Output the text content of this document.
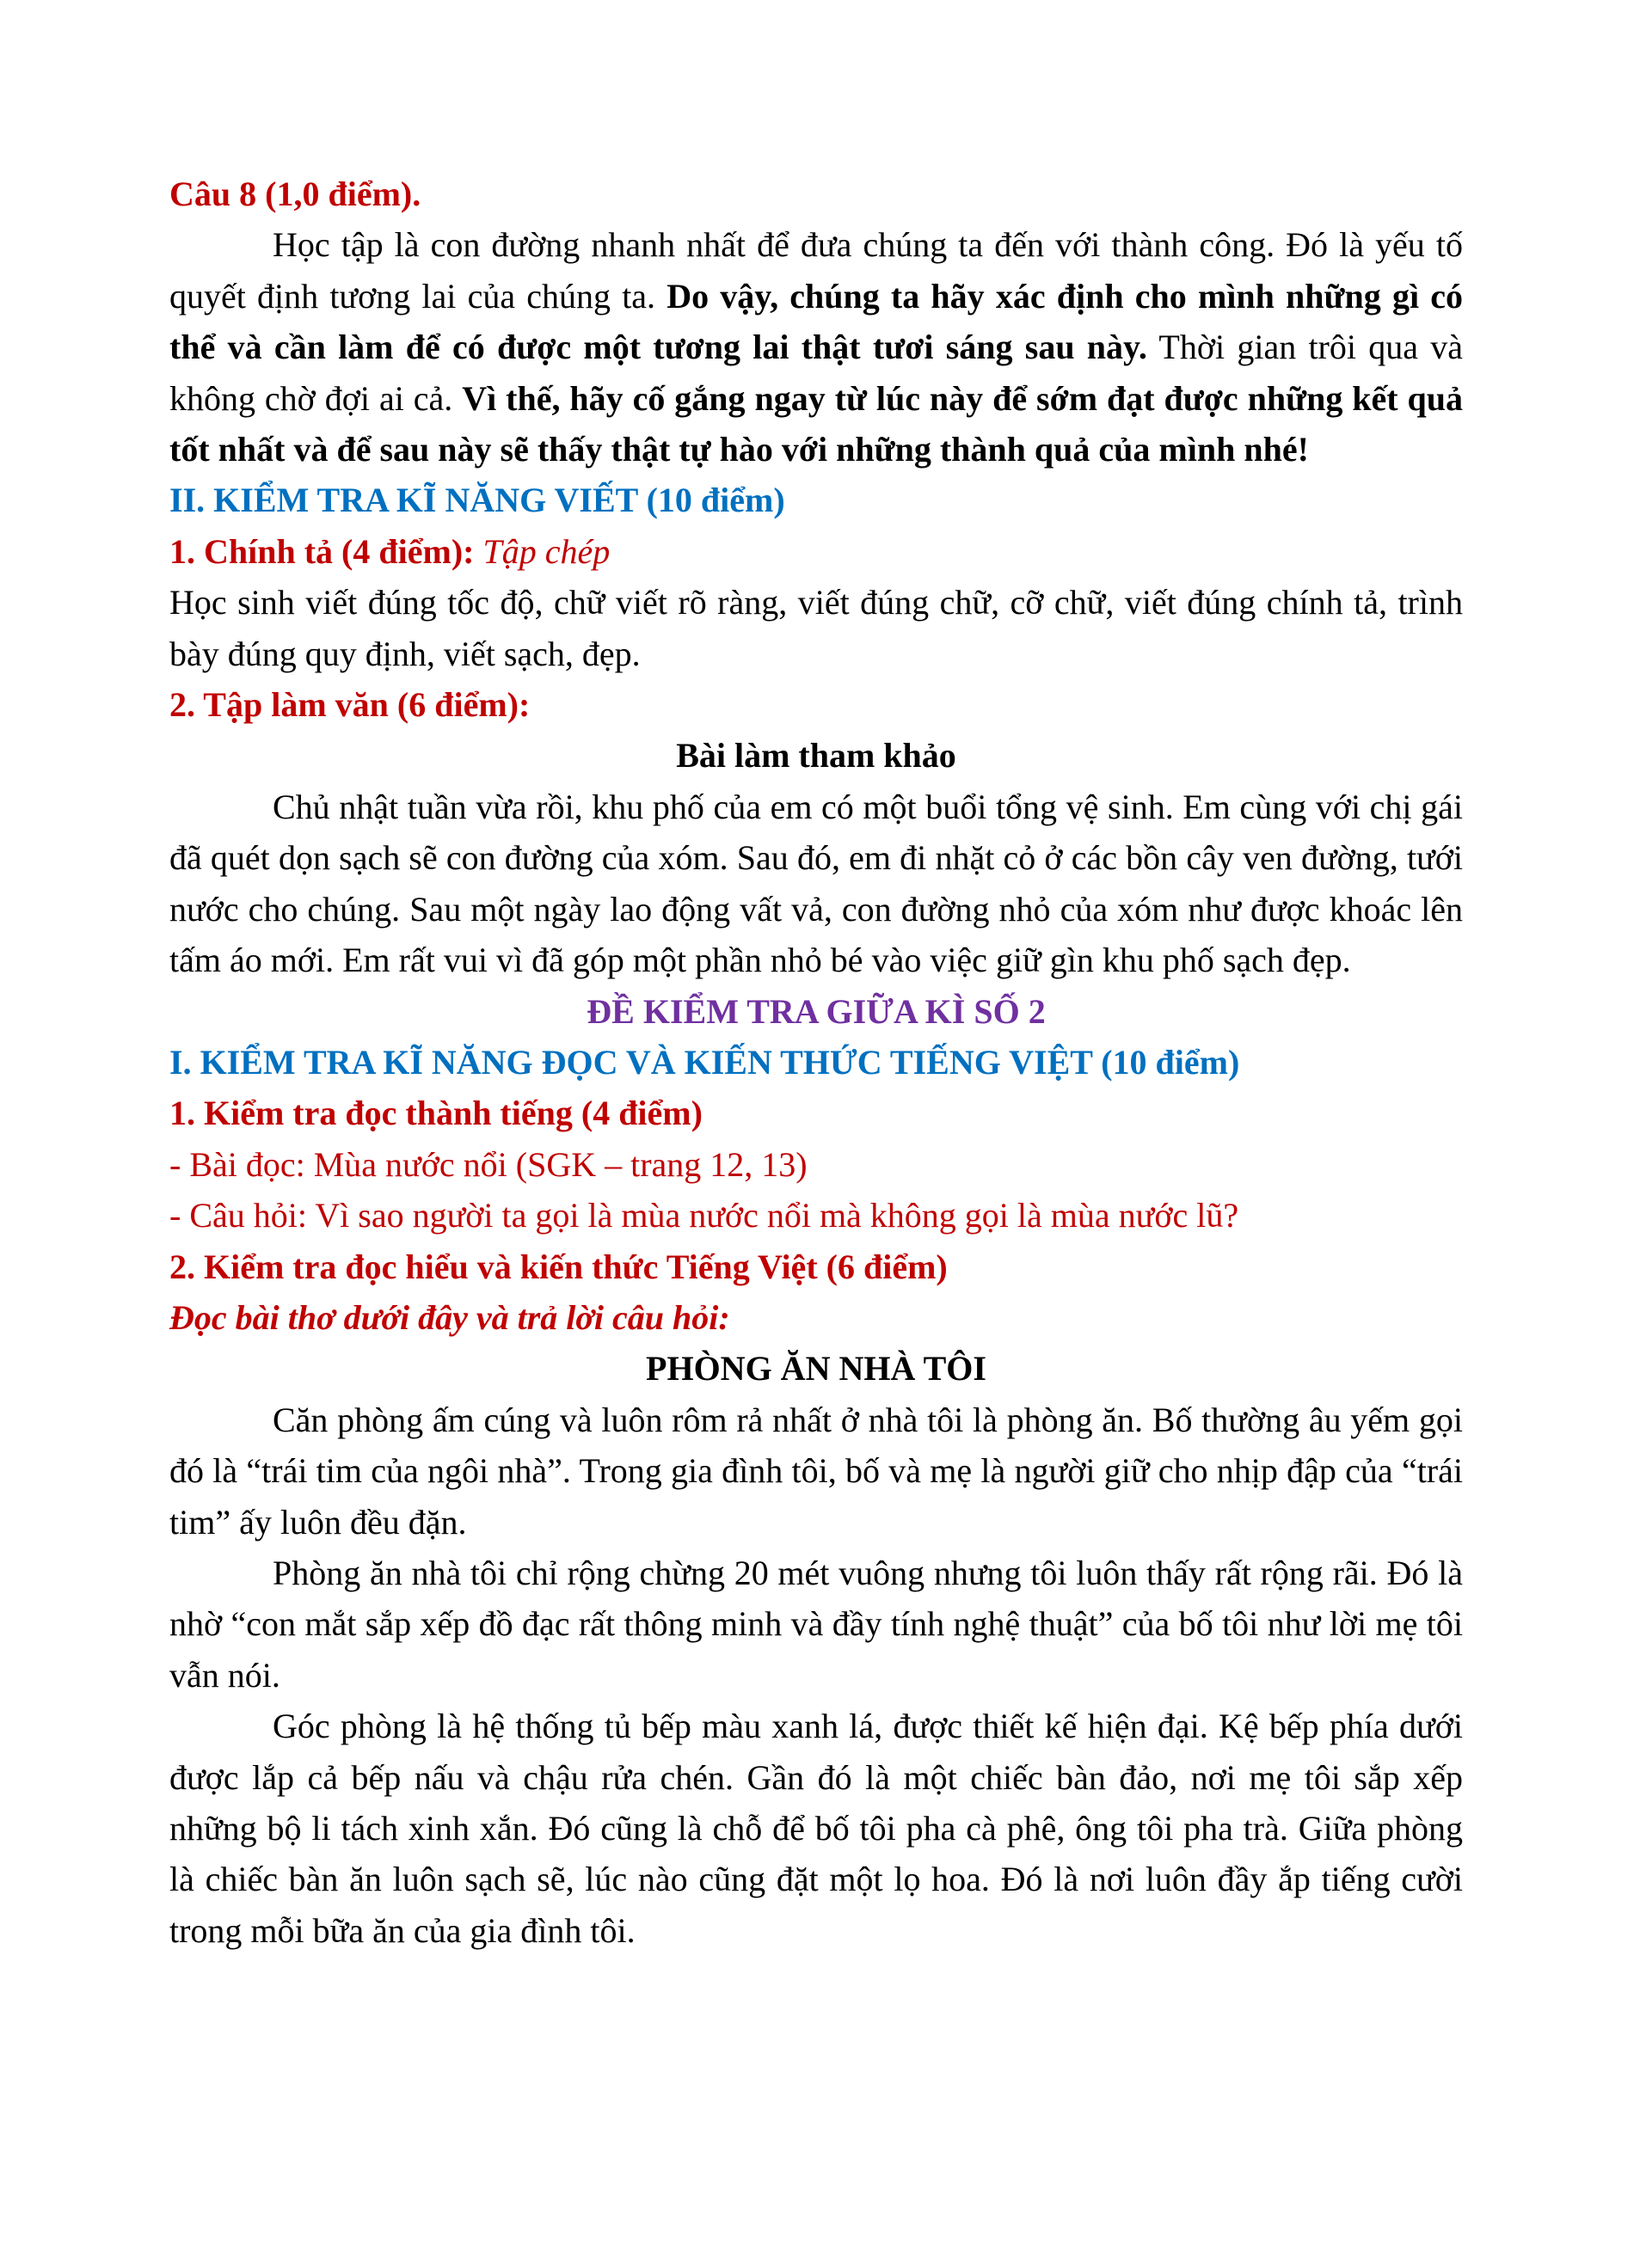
Câu 8 (1,0 điểm).

Học tập là con đường nhanh nhất để đưa chúng ta đến với thành công. Đó là yếu tố quyết định tương lai của chúng ta. Do vậy, chúng ta hãy xác định cho mình những gì có thể và cần làm để có được một tương lai thật tươi sáng sau này. Thời gian trôi qua và không chờ đợi ai cả. Vì thế, hãy cố gắng ngay từ lúc này để sớm đạt được những kết quả tốt nhất và để sau này sẽ thấy thật tự hào với những thành quả của mình nhé!

II. KIỂM TRA KĨ NĂNG VIẾT (10 điểm)

1. Chính tả (4 điểm): Tập chép

Học sinh viết đúng tốc độ, chữ viết rõ ràng, viết đúng chữ, cỡ chữ, viết đúng chính tả, trình bày đúng quy định, viết sạch, đẹp.

2. Tập làm văn (6 điểm):

Bài làm tham khảo

Chủ nhật tuần vừa rồi, khu phố của em có một buổi tổng vệ sinh. Em cùng với chị gái đã quét dọn sạch sẽ con đường của xóm. Sau đó, em đi nhặt cỏ ở các bồn cây ven đường, tưới nước cho chúng. Sau một ngày lao động vất vả, con đường nhỏ của xóm như được khoác lên tấm áo mới. Em rất vui vì đã góp một phần nhỏ bé vào việc giữ gìn khu phố sạch đẹp.

ĐỀ KIỂM TRA GIỮA KÌ SỐ 2

I. KIỂM TRA KĨ NĂNG ĐỌC VÀ KIẾN THỨC TIẾNG VIỆT (10 điểm)

1. Kiểm tra đọc thành tiếng (4 điểm)

- Bài đọc: Mùa nước nổi (SGK – trang 12, 13)

- Câu hỏi: Vì sao người ta gọi là mùa nước nổi mà không gọi là mùa nước lũ?

2. Kiểm tra đọc hiểu và kiến thức Tiếng Việt (6 điểm)

Đọc bài thơ dưới đây và trả lời câu hỏi:

PHÒNG ĂN NHÀ TÔI

Căn phòng ấm cúng và luôn rôm rả nhất ở nhà tôi là phòng ăn. Bố thường âu yếm gọi đó là “trái tim của ngôi nhà”. Trong gia đình tôi, bố và mẹ là người giữ cho nhịp đập của “trái tim” ấy luôn đều đặn.

Phòng ăn nhà tôi chỉ rộng chừng 20 mét vuông nhưng tôi luôn thấy rất rộng rãi. Đó là nhờ “con mắt sắp xếp đồ đạc rất thông minh và đầy tính nghệ thuật” của bố tôi như lời mẹ tôi vẫn nói.

Góc phòng là hệ thống tủ bếp màu xanh lá, được thiết kế hiện đại. Kệ bếp phía dưới được lắp cả bếp nấu và chậu rửa chén. Gần đó là một chiếc bàn đảo, nơi mẹ tôi sắp xếp những bộ li tách xinh xắn. Đó cũng là chỗ để bố tôi pha cà phê, ông tôi pha trà. Giữa phòng là chiếc bàn ăn luôn sạch sẽ, lúc nào cũng đặt một lọ hoa. Đó là nơi luôn đầy ắp tiếng cười trong mỗi bữa ăn của gia đình tôi.
